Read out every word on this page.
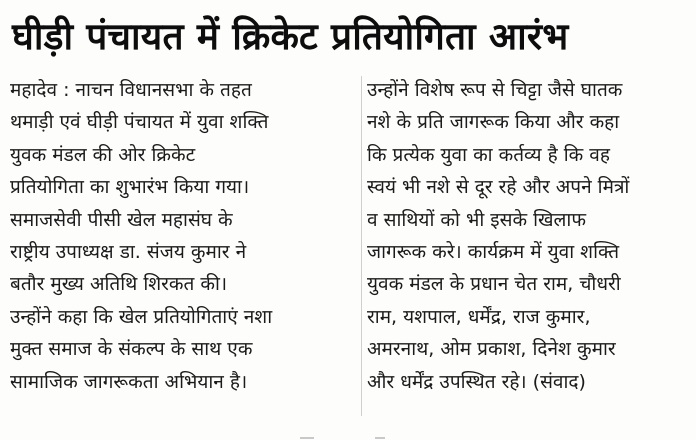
घीड़ी पंचायत में क्रिकेट प्रतियोगिता आरंभ
महादेव : नाचन विधानसभा के तहत
थमाड़ी एवं घीड़ी पंचायत में युवा शक्ति
युवक मंडल की ओर क्रिकेट
प्रतियोगिता का शुभारंभ किया गया।
समाजसेवी पीसी खेल महासंघ के
राष्ट्रीय उपाध्यक्ष डा. संजय कुमार ने
बतौर मुख्य अतिथि शिरकत की।
उन्होंने कहा कि खेल प्रतियोगिताएं नशा
मुक्त समाज के संकल्प के साथ एक
सामाजिक जागरूकता अभियान है।
उन्होंने विशेष रूप से चिट्टा जैसे घातक
नशे के प्रति जागरूक किया और कहा
कि प्रत्येक युवा का कर्तव्य है कि वह
स्वयं भी नशे से दूर रहे और अपने मित्रों
व साथियों को भी इसके खिलाफ
जागरूक करे। कार्यक्रम में युवा शक्ति
युवक मंडल के प्रधान चेत राम, चौधरी
राम, यशपाल, धर्मेंद्र, राज कुमार,
अमरनाथ, ओम प्रकाश, दिनेश कुमार
और धर्मेंद्र उपस्थित रहे। (संवाद)
